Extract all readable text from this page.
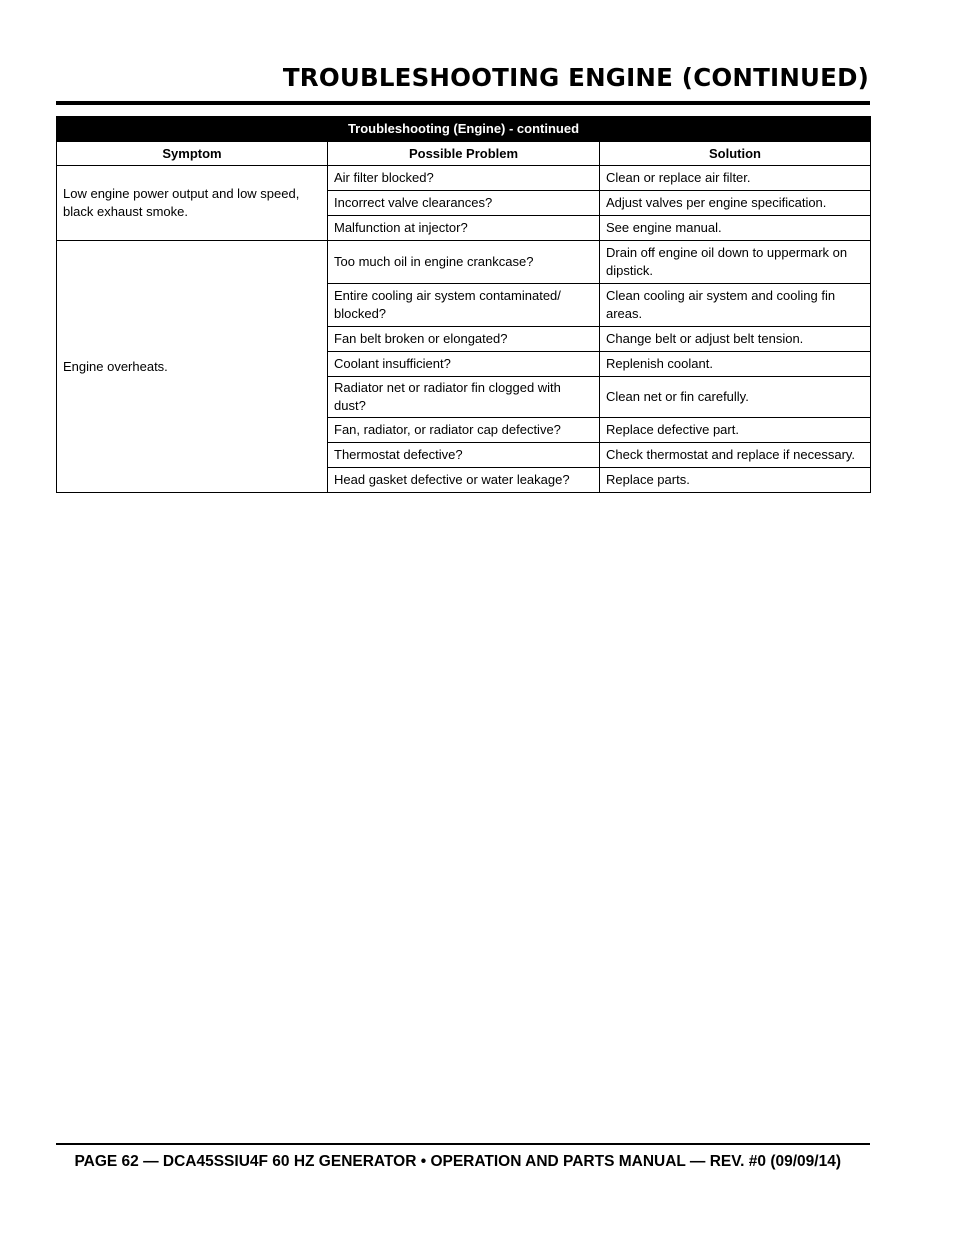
TROUBLESHOOTING ENGINE (CONTINUED)
Troubleshooting (Engine) - continued		
Symptom	Possible Problem	Solution
Low engine power output and low speed, black exhaust smoke.	Air filter blocked?	Clean or replace air filter.
	Incorrect valve clearances?	Adjust valves per engine specification.
	Malfunction at injector?	See engine manual.
Engine overheats.	Too much oil in engine crankcase?	Drain off engine oil down to uppermark on dipstick.
	Entire cooling air system contaminated/ blocked?	Clean cooling air system and cooling fin areas.
	Fan belt broken or elongated?	Change belt or adjust belt tension.
	Coolant insufficient?	Replenish coolant.
	Radiator net or radiator fin clogged with dust?	Clean net or fin carefully.
	Fan, radiator, or radiator cap defective?	Replace defective part.
	Thermostat defective?	Check thermostat and replace if necessary.
	Head gasket defective or water leakage?	Replace parts.
PAGE 62 — DCA45SSIU4F 60 HZ GENERATOR • OPERATION AND PARTS MANUAL — REV. #0 (09/09/14)
